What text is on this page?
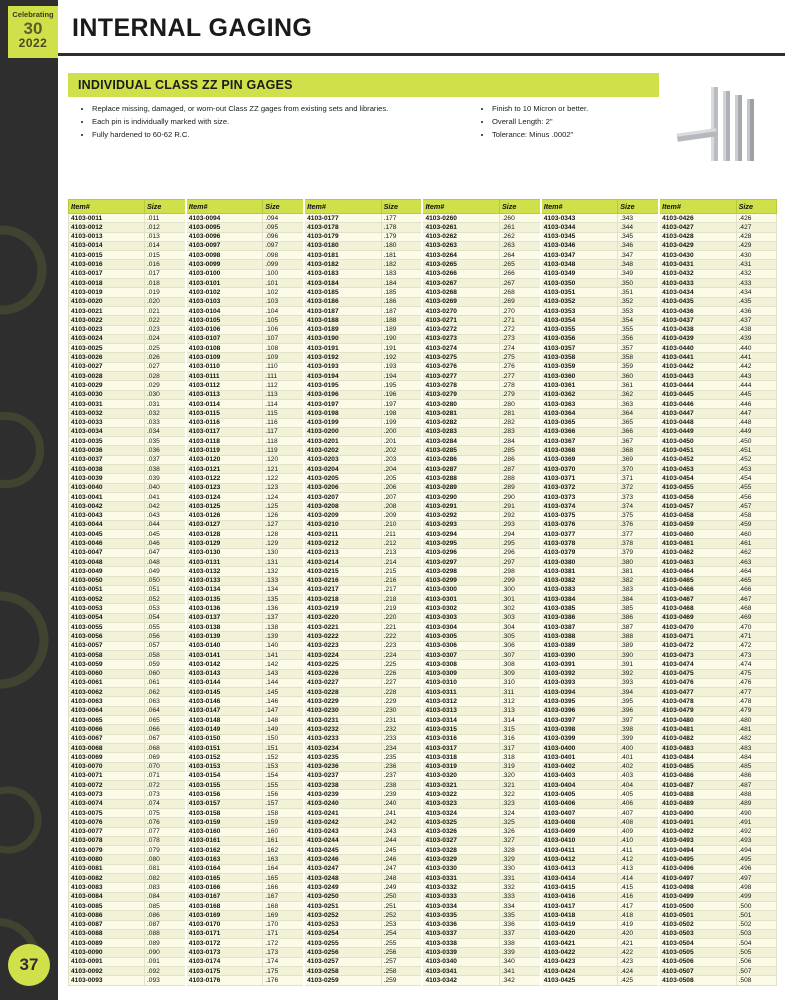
37
Celebrating
30
2022
INTERNAL GAGING
INDIVIDUAL CLASS ZZ PIN GAGES
• Replace missing, damaged, or worn-out Class ZZ gages from existing sets and libraries.
• Each pin is individually marked with size.
• Fully hardened to 60-62 R.C.
• Finish to 10 Micron or better.
• Overall Length: 2"
• Tolerance: Minus .0002"
Item#	Size	Item#	Size	Item#	Size	Item#	Size	Item#	Size	Item#	Size
4103-0011	.011	4103-0094	.094	4103-0177	.177	4103-0260	.260	4103-0343	.343	4103-0426	.426
4103-0012	.012	4103-0095	.095	4103-0178	.178	4103-0261	.261	4103-0344	.344	4103-0427	.427
4103-0013	.013	4103-0096	.096	4103-0179	.179	4103-0262	.262	4103-0345	.345	4103-0428	.428
4103-0014	.014	4103-0097	.097	4103-0180	.180	4103-0263	.263	4103-0346	.346	4103-0429	.429
4103-0015	.015	4103-0098	.098	4103-0181	.181	4103-0264	.264	4103-0347	.347	4103-0430	.430
4103-0016	.016	4103-0099	.099	4103-0182	.182	4103-0265	.265	4103-0348	.348	4103-0431	.431
4103-0017	.017	4103-0100	.100	4103-0183	.183	4103-0266	.266	4103-0349	.349	4103-0432	.432
4103-0018	.018	4103-0101	.101	4103-0184	.184	4103-0267	.267	4103-0350	.350	4103-0433	.433
4103-0019	.019	4103-0102	.102	4103-0185	.185	4103-0268	.268	4103-0351	.351	4103-0434	.434
4103-0020	.020	4103-0103	.103	4103-0186	.186	4103-0269	.269	4103-0352	.352	4103-0435	.435
4103-0021	.021	4103-0104	.104	4103-0187	.187	4103-0270	.270	4103-0353	.353	4103-0436	.436
4103-0022	.022	4103-0105	.105	4103-0188	.188	4103-0271	.271	4103-0354	.354	4103-0437	.437
4103-0023	.023	4103-0106	.106	4103-0189	.189	4103-0272	.272	4103-0355	.355	4103-0438	.438
4103-0024	.024	4103-0107	.107	4103-0190	.190	4103-0273	.273	4103-0356	.356	4103-0439	.439
4103-0025	.025	4103-0108	.108	4103-0191	.191	4103-0274	.274	4103-0357	.357	4103-0440	.440
4103-0026	.026	4103-0109	.109	4103-0192	.192	4103-0275	.275	4103-0358	.358	4103-0441	.441
4103-0027	.027	4103-0110	.110	4103-0193	.193	4103-0276	.276	4103-0359	.359	4103-0442	.442
4103-0028	.028	4103-0111	.111	4103-0194	.194	4103-0277	.277	4103-0360	.360	4103-0443	.443
4103-0029	.029	4103-0112	.112	4103-0195	.195	4103-0278	.278	4103-0361	.361	4103-0444	.444
4103-0030	.030	4103-0113	.113	4103-0196	.196	4103-0279	.279	4103-0362	.362	4103-0445	.445
4103-0031	.031	4103-0114	.114	4103-0197	.197	4103-0280	.280	4103-0363	.363	4103-0446	.446
4103-0032	.032	4103-0115	.115	4103-0198	.198	4103-0281	.281	4103-0364	.364	4103-0447	.447
4103-0033	.033	4103-0116	.116	4103-0199	.199	4103-0282	.282	4103-0365	.365	4103-0448	.448
4103-0034	.034	4103-0117	.117	4103-0200	.200	4103-0283	.283	4103-0366	.366	4103-0449	.449
4103-0035	.035	4103-0118	.118	4103-0201	.201	4103-0284	.284	4103-0367	.367	4103-0450	.450
4103-0036	.036	4103-0119	.119	4103-0202	.202	4103-0285	.285	4103-0368	.368	4103-0451	.451
4103-0037	.037	4103-0120	.120	4103-0203	.203	4103-0286	.286	4103-0369	.369	4103-0452	.452
4103-0038	.038	4103-0121	.121	4103-0204	.204	4103-0287	.287	4103-0370	.370	4103-0453	.453
4103-0039	.039	4103-0122	.122	4103-0205	.205	4103-0288	.288	4103-0371	.371	4103-0454	.454
4103-0040	.040	4103-0123	.123	4103-0206	.206	4103-0289	.289	4103-0372	.372	4103-0455	.455
4103-0041	.041	4103-0124	.124	4103-0207	.207	4103-0290	.290	4103-0373	.373	4103-0456	.456
4103-0042	.042	4103-0125	.125	4103-0208	.208	4103-0291	.291	4103-0374	.374	4103-0457	.457
4103-0043	.043	4103-0126	.126	4103-0209	.209	4103-0292	.292	4103-0375	.375	4103-0458	.458
4103-0044	.044	4103-0127	.127	4103-0210	.210	4103-0293	.293	4103-0376	.376	4103-0459	.459
4103-0045	.045	4103-0128	.128	4103-0211	.211	4103-0294	.294	4103-0377	.377	4103-0460	.460
4103-0046	.046	4103-0129	.129	4103-0212	.212	4103-0295	.295	4103-0378	.378	4103-0461	.461
4103-0047	.047	4103-0130	.130	4103-0213	.213	4103-0296	.296	4103-0379	.379	4103-0462	.462
4103-0048	.048	4103-0131	.131	4103-0214	.214	4103-0297	.297	4103-0380	.380	4103-0463	.463
4103-0049	.049	4103-0132	.132	4103-0215	.215	4103-0298	.298	4103-0381	.381	4103-0464	.464
4103-0050	.050	4103-0133	.133	4103-0216	.216	4103-0299	.299	4103-0382	.382	4103-0465	.465
4103-0051	.051	4103-0134	.134	4103-0217	.217	4103-0300	.300	4103-0383	.383	4103-0466	.466
4103-0052	.052	4103-0135	.135	4103-0218	.218	4103-0301	.301	4103-0384	.384	4103-0467	.467
4103-0053	.053	4103-0136	.136	4103-0219	.219	4103-0302	.302	4103-0385	.385	4103-0468	.468
4103-0054	.054	4103-0137	.137	4103-0220	.220	4103-0303	.303	4103-0386	.386	4103-0469	.469
4103-0055	.055	4103-0138	.138	4103-0221	.221	4103-0304	.304	4103-0387	.387	4103-0470	.470
4103-0056	.056	4103-0139	.139	4103-0222	.222	4103-0305	.305	4103-0388	.388	4103-0471	.471
4103-0057	.057	4103-0140	.140	4103-0223	.223	4103-0306	.306	4103-0389	.389	4103-0472	.472
4103-0058	.058	4103-0141	.141	4103-0224	.224	4103-0307	.307	4103-0390	.390	4103-0473	.473
4103-0059	.059	4103-0142	.142	4103-0225	.225	4103-0308	.308	4103-0391	.391	4103-0474	.474
4103-0060	.060	4103-0143	.143	4103-0226	.226	4103-0309	.309	4103-0392	.392	4103-0475	.475
4103-0061	.061	4103-0144	.144	4103-0227	.227	4103-0310	.310	4103-0393	.393	4103-0476	.476
4103-0062	.062	4103-0145	.145	4103-0228	.228	4103-0311	.311	4103-0394	.394	4103-0477	.477
4103-0063	.063	4103-0146	.146	4103-0229	.229	4103-0312	.312	4103-0395	.395	4103-0478	.478
4103-0064	.064	4103-0147	.147	4103-0230	.230	4103-0313	.313	4103-0396	.396	4103-0479	.479
4103-0065	.065	4103-0148	.148	4103-0231	.231	4103-0314	.314	4103-0397	.397	4103-0480	.480
4103-0066	.066	4103-0149	.149	4103-0232	.232	4103-0315	.315	4103-0398	.398	4103-0481	.481
4103-0067	.067	4103-0150	.150	4103-0233	.233	4103-0316	.316	4103-0399	.399	4103-0482	.482
4103-0068	.068	4103-0151	.151	4103-0234	.234	4103-0317	.317	4103-0400	.400	4103-0483	.483
4103-0069	.069	4103-0152	.152	4103-0235	.235	4103-0318	.318	4103-0401	.401	4103-0484	.484
4103-0070	.070	4103-0153	.153	4103-0236	.236	4103-0319	.319	4103-0402	.402	4103-0485	.485
4103-0071	.071	4103-0154	.154	4103-0237	.237	4103-0320	.320	4103-0403	.403	4103-0486	.486
4103-0072	.072	4103-0155	.155	4103-0238	.238	4103-0321	.321	4103-0404	.404	4103-0487	.487
4103-0073	.073	4103-0156	.156	4103-0239	.239	4103-0322	.322	4103-0405	.405	4103-0488	.488
4103-0074	.074	4103-0157	.157	4103-0240	.240	4103-0323	.323	4103-0406	.406	4103-0489	.489
4103-0075	.075	4103-0158	.158	4103-0241	.241	4103-0324	.324	4103-0407	.407	4103-0490	.490
4103-0076	.076	4103-0159	.159	4103-0242	.242	4103-0325	.325	4103-0408	.408	4103-0491	.491
4103-0077	.077	4103-0160	.160	4103-0243	.243	4103-0326	.326	4103-0409	.409	4103-0492	.492
4103-0078	.078	4103-0161	.161	4103-0244	.244	4103-0327	.327	4103-0410	.410	4103-0493	.493
4103-0079	.079	4103-0162	.162	4103-0245	.245	4103-0328	.328	4103-0411	.411	4103-0494	.494
4103-0080	.080	4103-0163	.163	4103-0246	.246	4103-0329	.329	4103-0412	.412	4103-0495	.495
4103-0081	.081	4103-0164	.164	4103-0247	.247	4103-0330	.330	4103-0413	.413	4103-0496	.496
4103-0082	.082	4103-0165	.165	4103-0248	.248	4103-0331	.331	4103-0414	.414	4103-0497	.497
4103-0083	.083	4103-0166	.166	4103-0249	.249	4103-0332	.332	4103-0415	.415	4103-0498	.498
4103-0084	.084	4103-0167	.167	4103-0250	.250	4103-0333	.333	4103-0416	.416	4103-0499	.499
4103-0085	.085	4103-0168	.168	4103-0251	.251	4103-0334	.334	4103-0417	.417	4103-0500	.500
4103-0086	.086	4103-0169	.169	4103-0252	.252	4103-0335	.335	4103-0418	.418	4103-0501	.501
4103-0087	.087	4103-0170	.170	4103-0253	.253	4103-0336	.336	4103-0419	.419	4103-0502	.502
4103-0088	.088	4103-0171	.171	4103-0254	.254	4103-0337	.337	4103-0420	.420	4103-0503	.503
4103-0089	.089	4103-0172	.172	4103-0255	.255	4103-0338	.338	4103-0421	.421	4103-0504	.504
4103-0090	.090	4103-0173	.173	4103-0256	.256	4103-0339	.339	4103-0422	.422	4103-0505	.505
4103-0091	.091	4103-0174	.174	4103-0257	.257	4103-0340	.340	4103-0423	.423	4103-0506	.506
4103-0092	.092	4103-0175	.175	4103-0258	.258	4103-0341	.341	4103-0424	.424	4103-0507	.507
4103-0093	.093	4103-0176	.176	4103-0259	.259	4103-0342	.342	4103-0425	.425	4103-0508	.508
